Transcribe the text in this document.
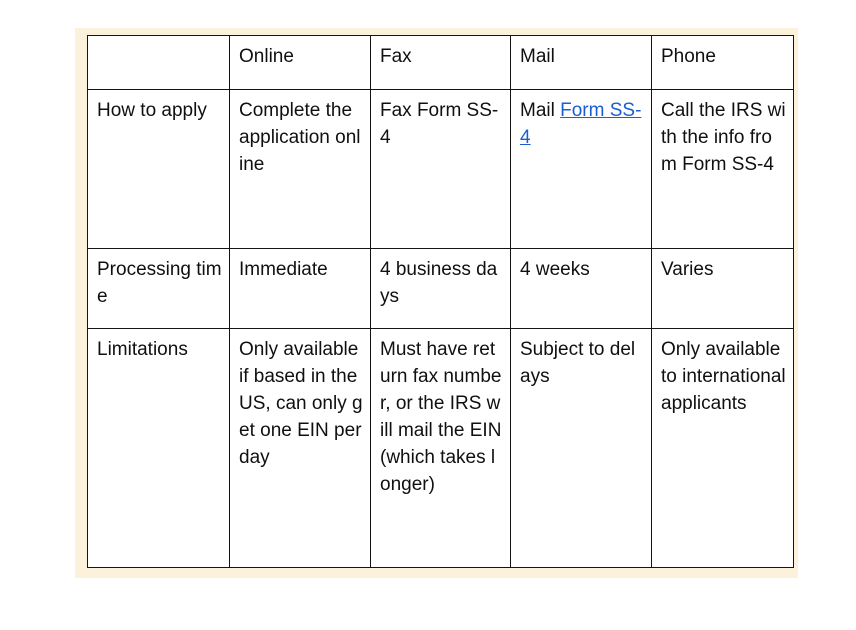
	Online	Fax	Mail	Phone
How to apply	Complete the application online	Fax Form SS-4	Mail Form SS-4	Call the IRS with the info from Form SS-4
Processing time	Immediate	4 business days	4 weeks	Varies
Limitations	Only available if based in the US, can only get one EIN per day	Must have return fax number, or the IRS will mail the EIN (which takes longer)	Subject to delays	Only available to international applicants
